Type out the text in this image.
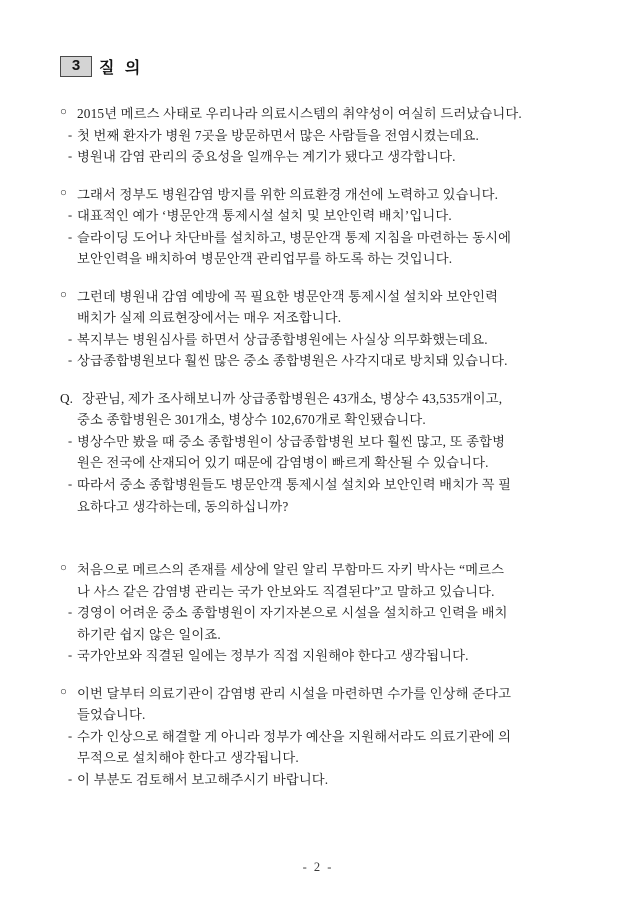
3	질 의
○ 2015년 메르스 사태로 우리나라 의료시스템의 취약성이 여실히 드러났습니다.
- 첫 번째 환자가 병원 7곳을 방문하면서 많은 사람들을 전염시켰는데요.
- 병원내 감염 관리의 중요성을 일깨우는 계기가 됐다고 생각합니다.
○ 그래서 정부도 병원감염 방지를 위한 의료환경 개선에 노력하고 있습니다.
- 대표적인 예가 ‘병문안객 통제시설 설치 및 보안인력 배치’입니다.
- 슬라이딩 도어나 차단바를 설치하고, 병문안객 통제 지침을 마련하는 동시에
보안인력을 배치하여 병문안객 관리업무를 하도록 하는 것입니다.
○ 그런데 병원내 감염 예방에 꼭 필요한 병문안객 통제시설 설치와 보안인력
배치가 실제 의료현장에서는 매우 저조합니다.
- 복지부는 병원심사를 하면서 상급종합병원에는 사실상 의무화했는데요.
- 상급종합병원보다 훨씬 많은 중소 종합병원은 사각지대로 방치돼 있습니다.
Q. 장관님, 제가 조사해보니까 상급종합병원은 43개소, 병상수 43,535개이고,
중소 종합병원은 301개소, 병상수 102,670개로 확인됐습니다.
- 병상수만 봤을 때 중소 종합병원이 상급종합병원 보다 훨씬 많고, 또 종합병
원은 전국에 산재되어 있기 때문에 감염병이 빠르게 확산될 수 있습니다.
- 따라서 중소 종합병원들도 병문안객 통제시설 설치와 보안인력 배치가 꼭 필
요하다고 생각하는데, 동의하십니까?
○ 처음으로 메르스의 존재를 세상에 알린 알리 무함마드 자키 박사는 “메르스
나 사스 같은 감염병 관리는 국가 안보와도 직결된다”고 말하고 있습니다.
- 경영이 어려운 중소 종합병원이 자기자본으로 시설을 설치하고 인력을 배치
하기란 쉽지 않은 일이죠.
- 국가안보와 직결된 일에는 정부가 직접 지원해야 한다고 생각됩니다.
○ 이번 달부터 의료기관이 감염병 관리 시설을 마련하면 수가를 인상해 준다고 들었습니다.
- 수가 인상으로 해결할 게 아니라 정부가 예산을 지원해서라도 의료기관에 의
무적으로 설치해야 한다고 생각됩니다.
- 이 부분도 검토해서 보고해주시기 바랍니다.
- 2 -
